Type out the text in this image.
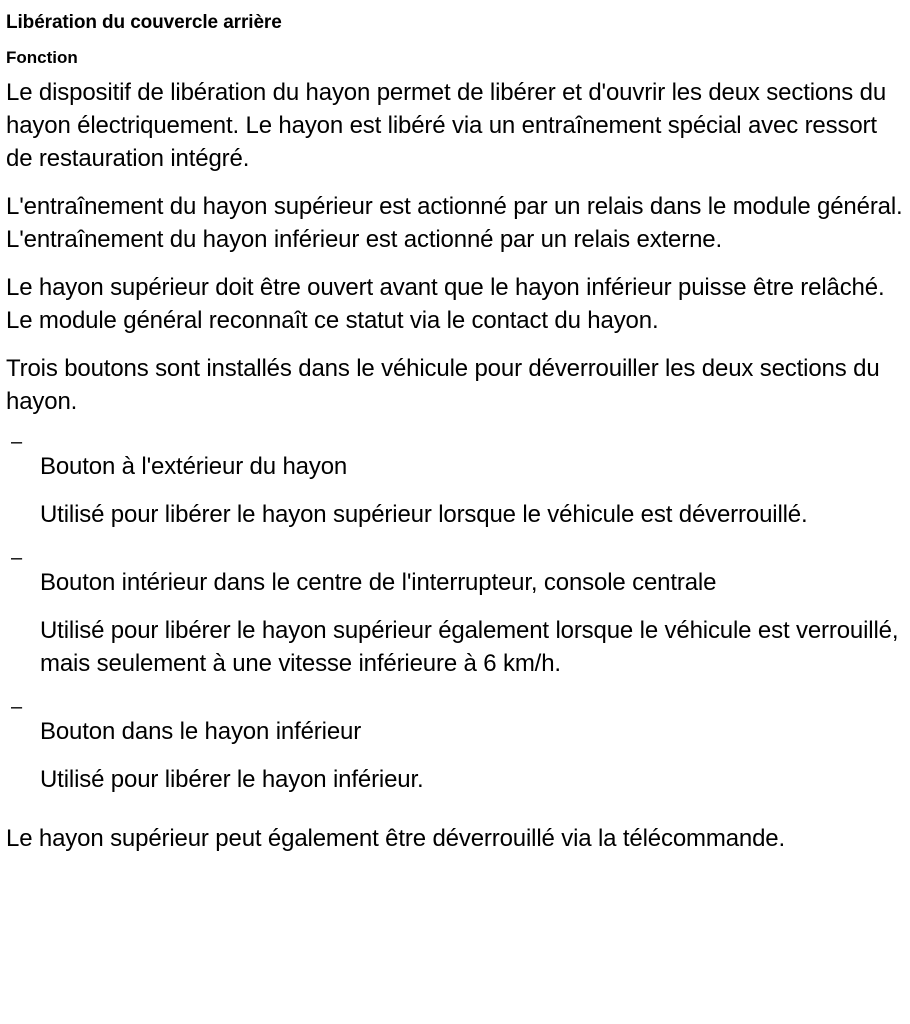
Libération du couvercle arrière
Fonction

Le dispositif de libération du hayon permet de libérer et d'ouvrir les deux sections du hayon électriquement. Le hayon est libéré via un entraînement spécial avec ressort de restauration intégré.

L'entraînement du hayon supérieur est actionné par un relais dans le module général. L'entraînement du hayon inférieur est actionné par un relais externe.

Le hayon supérieur doit être ouvert avant que le hayon inférieur puisse être relâché. Le module général reconnaît ce statut via le contact du hayon.

Trois boutons sont installés dans le véhicule pour déverrouiller les deux sections du hayon.

–
Bouton à l'extérieur du hayon
Utilisé pour libérer le hayon supérieur lorsque le véhicule est déverrouillé.
–
Bouton intérieur dans le centre de l'interrupteur, console centrale
Utilisé pour libérer le hayon supérieur également lorsque le véhicule est verrouillé, mais seulement à une vitesse inférieure à 6 km/h.
–
Bouton dans le hayon inférieur
Utilisé pour libérer le hayon inférieur.

Le hayon supérieur peut également être déverrouillé via la télécommande.
